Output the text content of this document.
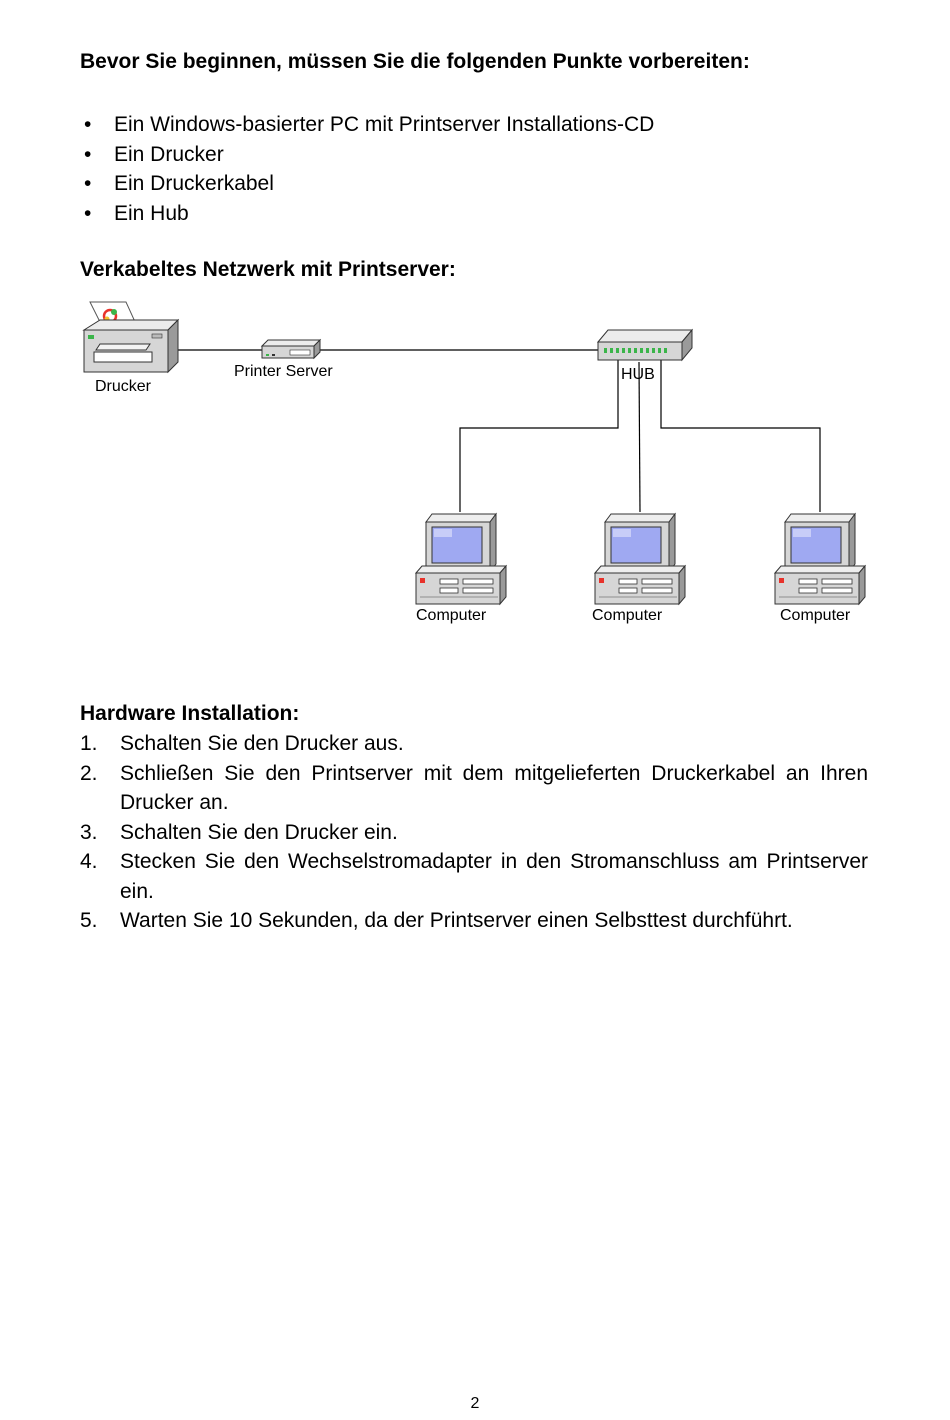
Bevor Sie beginnen, müssen Sie die folgenden Punkte vorbereiten:
• Ein Windows-basierter PC mit Printserver Installations-CD
• Ein Drucker
• Ein Druckerkabel
• Ein Hub
Verkabeltes Netzwerk mit Printserver:
Drucker
Printer Server	HUB
Computer	Computer	Computer
Hardware Installation:
1. Schalten Sie den Drucker aus.
2. Schließen Sie den Printserver mit dem mitgelieferten Druckerkabel an Ihren Drucker an.
3. Schalten Sie den Drucker ein.
4. Stecken Sie den Wechselstromadapter in den Stromanschluss am Printserver ein.
5. Warten Sie 10 Sekunden, da der Printserver einen Selbsttest durchführt.
2
